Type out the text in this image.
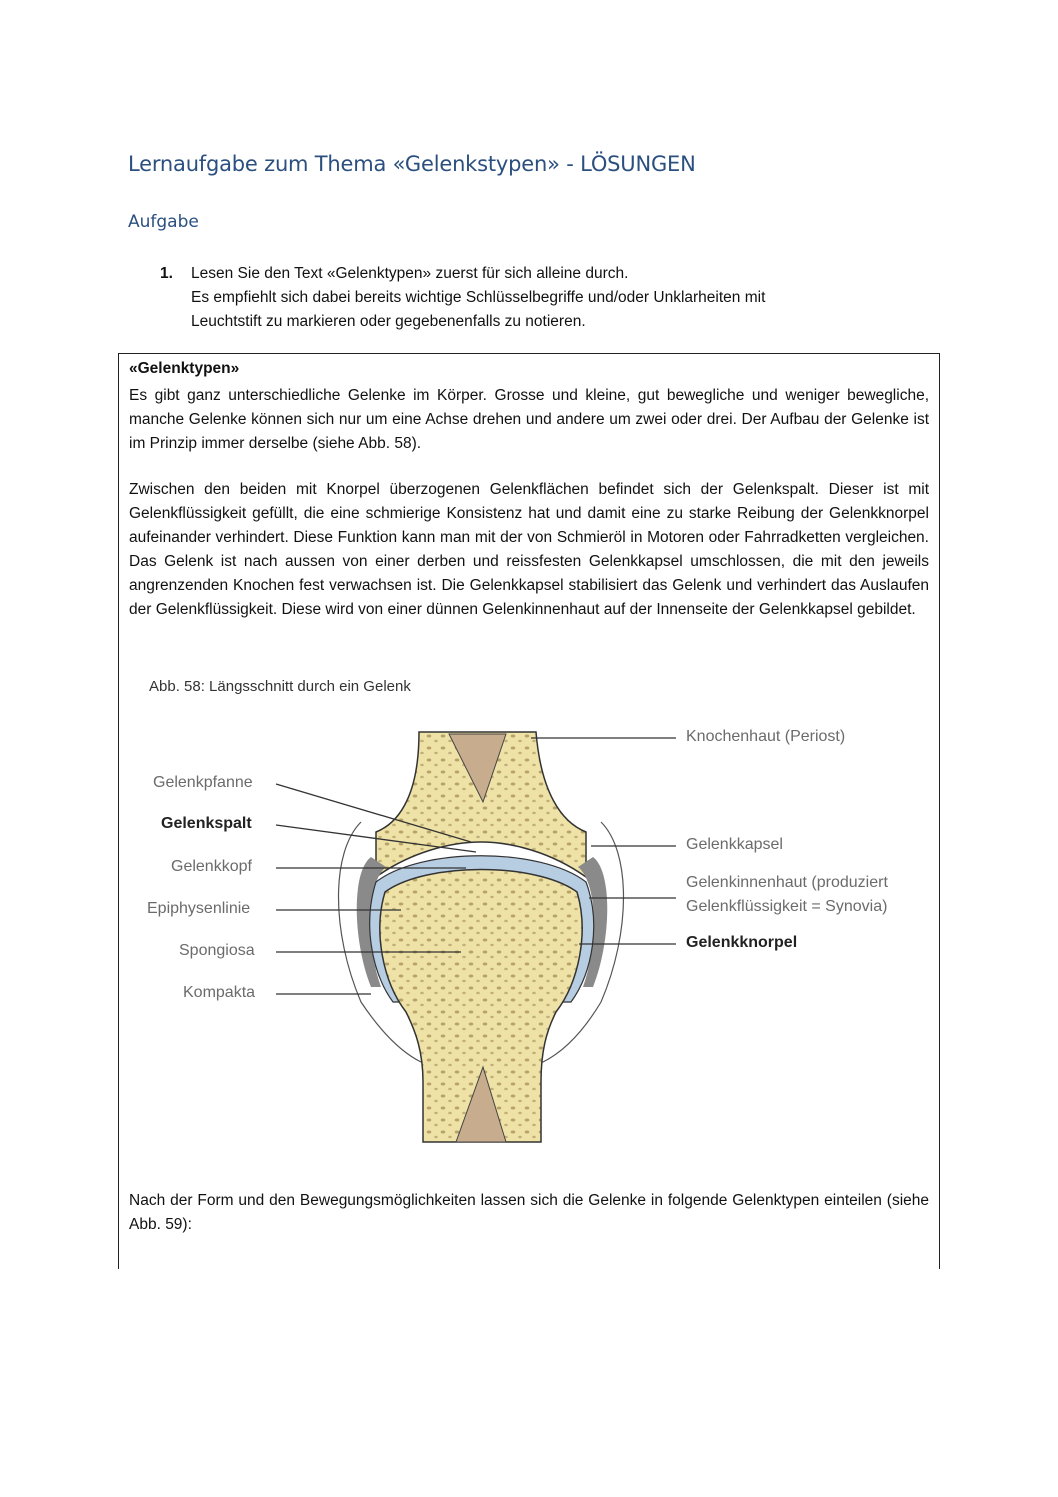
Lernaufgabe zum Thema «Gelenkstypen» - LÖSUNGEN
Aufgabe
1. Lesen Sie den Text «Gelenktypen» zuerst für sich alleine durch.
Es empfiehlt sich dabei bereits wichtige Schlüsselbegriffe und/oder Unklarheiten mit
Leuchtstift zu markieren oder gegebenenfalls zu notieren.
«Gelenktypen»
Es gibt ganz unterschiedliche Gelenke im Körper. Grosse und kleine, gut bewegliche und weniger bewegliche, manche Gelenke können sich nur um eine Achse drehen und andere um zwei oder drei. Der Aufbau der Gelenke ist im Prinzip immer derselbe (siehe Abb. 58).
Zwischen den beiden mit Knorpel überzogenen Gelenkflächen befindet sich der Gelenkspalt. Dieser ist mit Gelenkflüssigkeit gefüllt, die eine schmierige Konsistenz hat und damit eine zu starke Reibung der Gelenkknorpel aufeinander verhindert. Diese Funktion kann man mit der von Schmieröl in Motoren oder Fahrradketten vergleichen. Das Gelenk ist nach aussen von einer derben und reissfesten Gelenkkapsel umschlossen, die mit den jeweils angrenzenden Knochen fest verwachsen ist. Die Gelenkkapsel stabilisiert das Gelenk und verhindert das Auslaufen der Gelenkflüssigkeit. Diese wird von einer dünnen Gelenkinnenhaut auf der Innenseite der Gelenkkapsel gebildet.
Abb. 58: Längsschnitt durch ein Gelenk
Gelenkpfanne
Gelenkspalt
Gelenkkopf
Epiphysenlinie
Spongiosa
Kompakta
Knochenhaut (Periost)
Gelenkkapsel
Gelenkinnenhaut (produziert
Gelenkflüssigkeit = Synovia)
Gelenkknorpel
Nach der Form und den Bewegungsmöglichkeiten lassen sich die Gelenke in folgende Gelenktypen einteilen (siehe Abb. 59):
